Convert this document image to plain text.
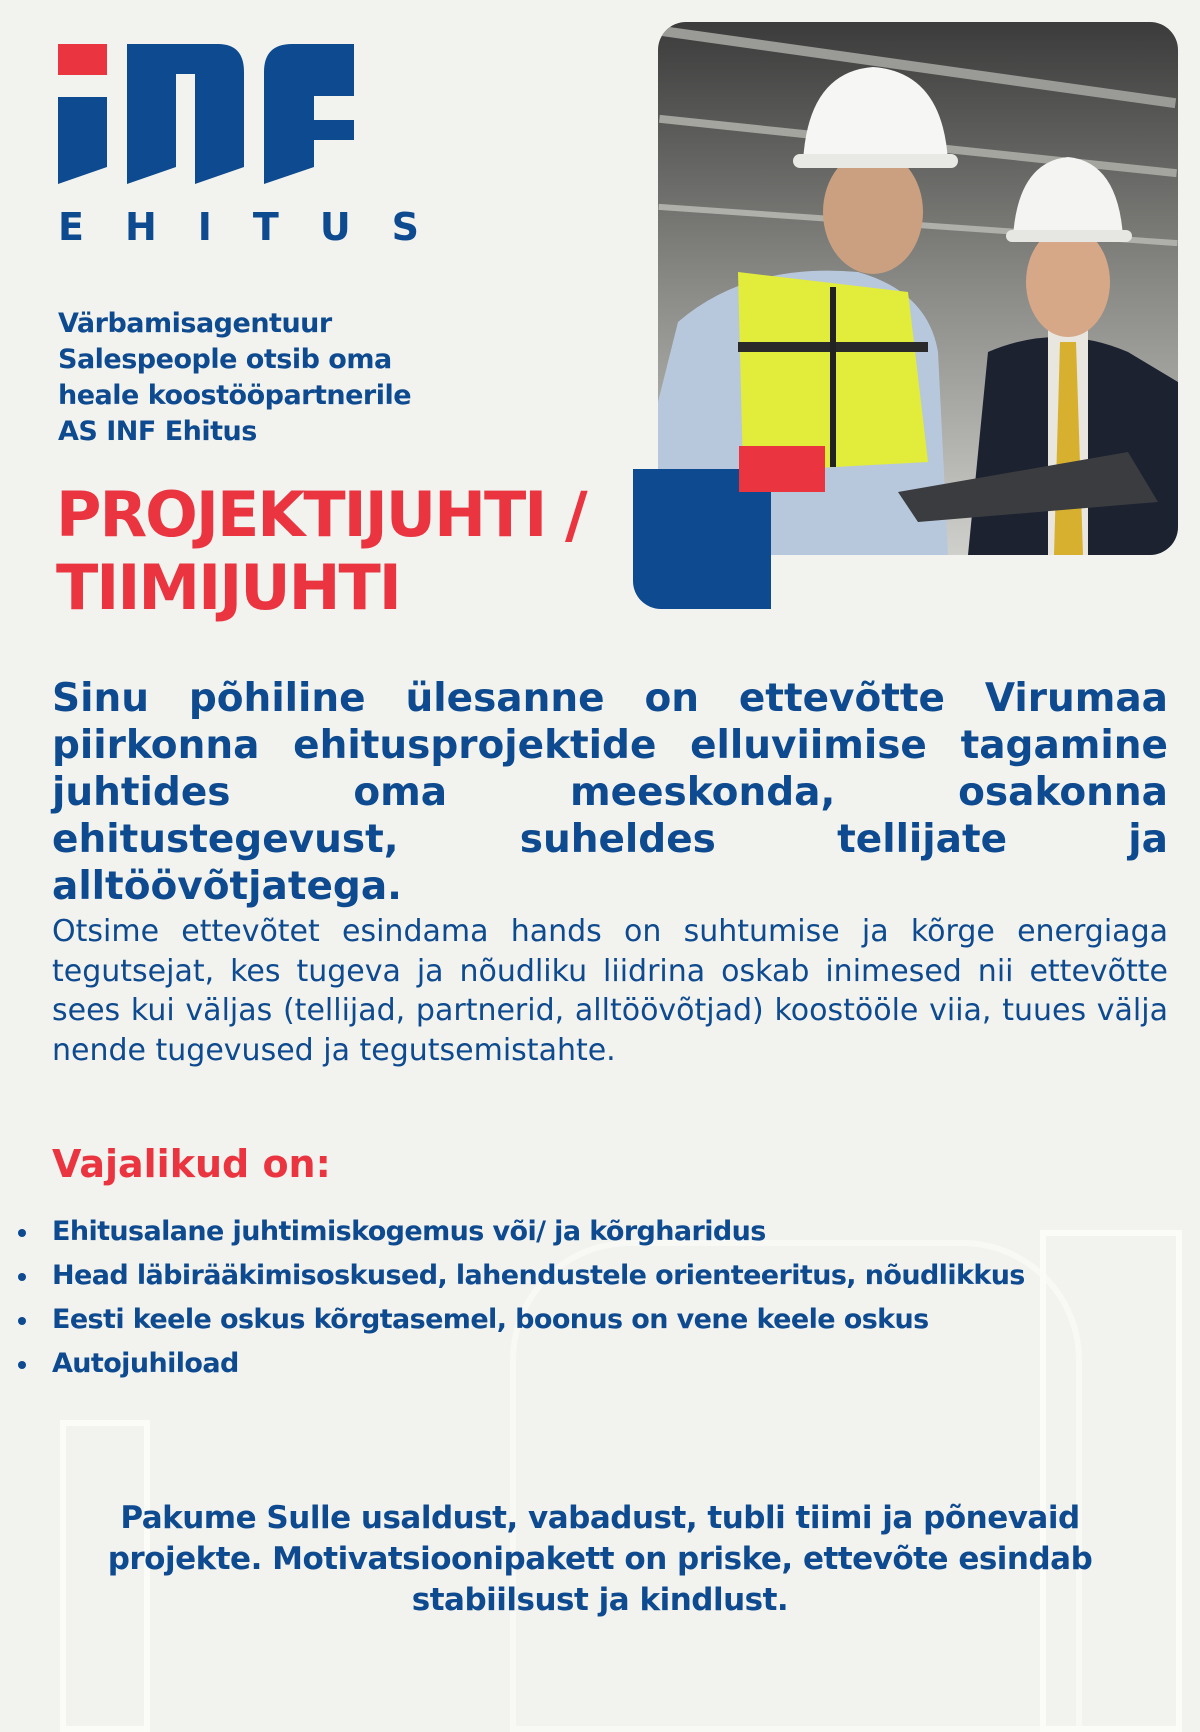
EHITUS
Värbamisagentuur
Salespeople otsib oma
heale koostööpartnerile
AS INF Ehitus
PROJEKTIJUHTI /
TIIMIJUHTI
Sinu põhiline ülesanne on ettevõtte Virumaa piirkonna ehitusprojektide elluviimise tagamine juhtides oma meeskonda, osakonna ehitustegevust, suheldes tellijate ja alltöövõtjatega.
Otsime ettevõtet esindama hands on suhtumise ja kõrge energiaga tegutsejat, kes tugeva ja nõudliku liidrina oskab inimesed nii ettevõtte sees kui väljas (tellijad, partnerid, alltöövõtjad) koostööle viia, tuues välja nende tugevused ja tegutsemistahte.
Vajalikud on:
Ehitusalane juhtimiskogemus või/ ja kõrgharidus
Head läbirääkimisoskused, lahendustele orienteeritus, nõudlikkus
Eesti keele oskus kõrgtasemel, boonus on vene keele oskus
Autojuhiload
Pakume Sulle usaldust, vabadust, tubli tiimi ja põnevaid
projekte. Motivatsioonipakett on priske, ettevõte esindab
stabiilsust ja kindlust.
